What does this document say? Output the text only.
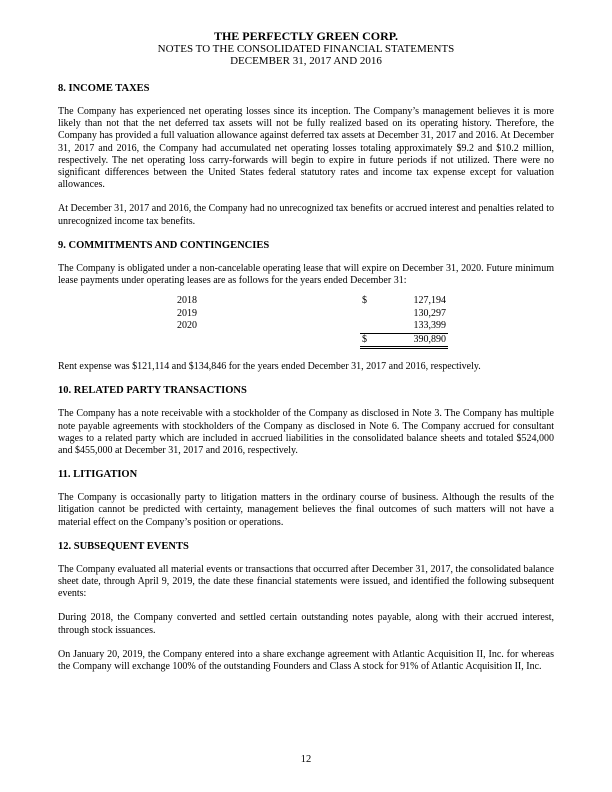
THE PERFECTLY GREEN CORP.
NOTES TO THE CONSOLIDATED FINANCIAL STATEMENTS
DECEMBER 31, 2017 AND 2016
8. INCOME TAXES

The Company has experienced net operating losses since its inception. The Company’s management believes it is more likely than not that the net deferred tax assets will not be fully realized based on its operating history. Therefore, the Company has provided a full valuation allowance against deferred tax assets at December 31, 2017 and 2016. At December 31, 2017 and 2016, the Company had accumulated net operating losses totaling approximately $9.2 and $10.2 million, respectively. The net operating loss carry-forwards will begin to expire in future periods if not utilized. There were no significant differences between the United States federal statutory rates and income tax expense except for valuation allowances.

At December 31, 2017 and 2016, the Company had no unrecognized tax benefits or accrued interest and penalties related to unrecognized income tax benefits.

9. COMMITMENTS AND CONTINGENCIES

The Company is obligated under a non-cancelable operating lease that will expire on December 31, 2020. Future minimum lease payments under operating leases are as follows for the years ended December 31:

2018	$	127,194
2019		130,297
2020		133,399
	$	390,890

Rent expense was $121,114 and $134,846 for the years ended December 31, 2017 and 2016, respectively.

10. RELATED PARTY TRANSACTIONS

The Company has a note receivable with a stockholder of the Company as disclosed in Note 3. The Company has multiple note payable agreements with stockholders of the Company as disclosed in Note 6. The Company accrued for consultant wages to a related party which are included in accrued liabilities in the consolidated balance sheets and totaled $524,000 and $455,000 at December 31, 2017 and 2016, respectively.

11. LITIGATION

The Company is occasionally party to litigation matters in the ordinary course of business. Although the results of the litigation cannot be predicted with certainty, management believes the final outcomes of such matters will not have a material effect on the Company’s position or operations.

12. SUBSEQUENT EVENTS

The Company evaluated all material events or transactions that occurred after December 31, 2017, the consolidated balance sheet date, through April 9, 2019, the date these financial statements were issued, and identified the following subsequent events:

During 2018, the Company converted and settled certain outstanding notes payable, along with their accrued interest, through stock issuances.

On January 20, 2019, the Company entered into a share exchange agreement with Atlantic Acquisition II, Inc. for whereas the Company will exchange 100% of the outstanding Founders and Class A stock for 91% of Atlantic Acquisition II, Inc.

12
